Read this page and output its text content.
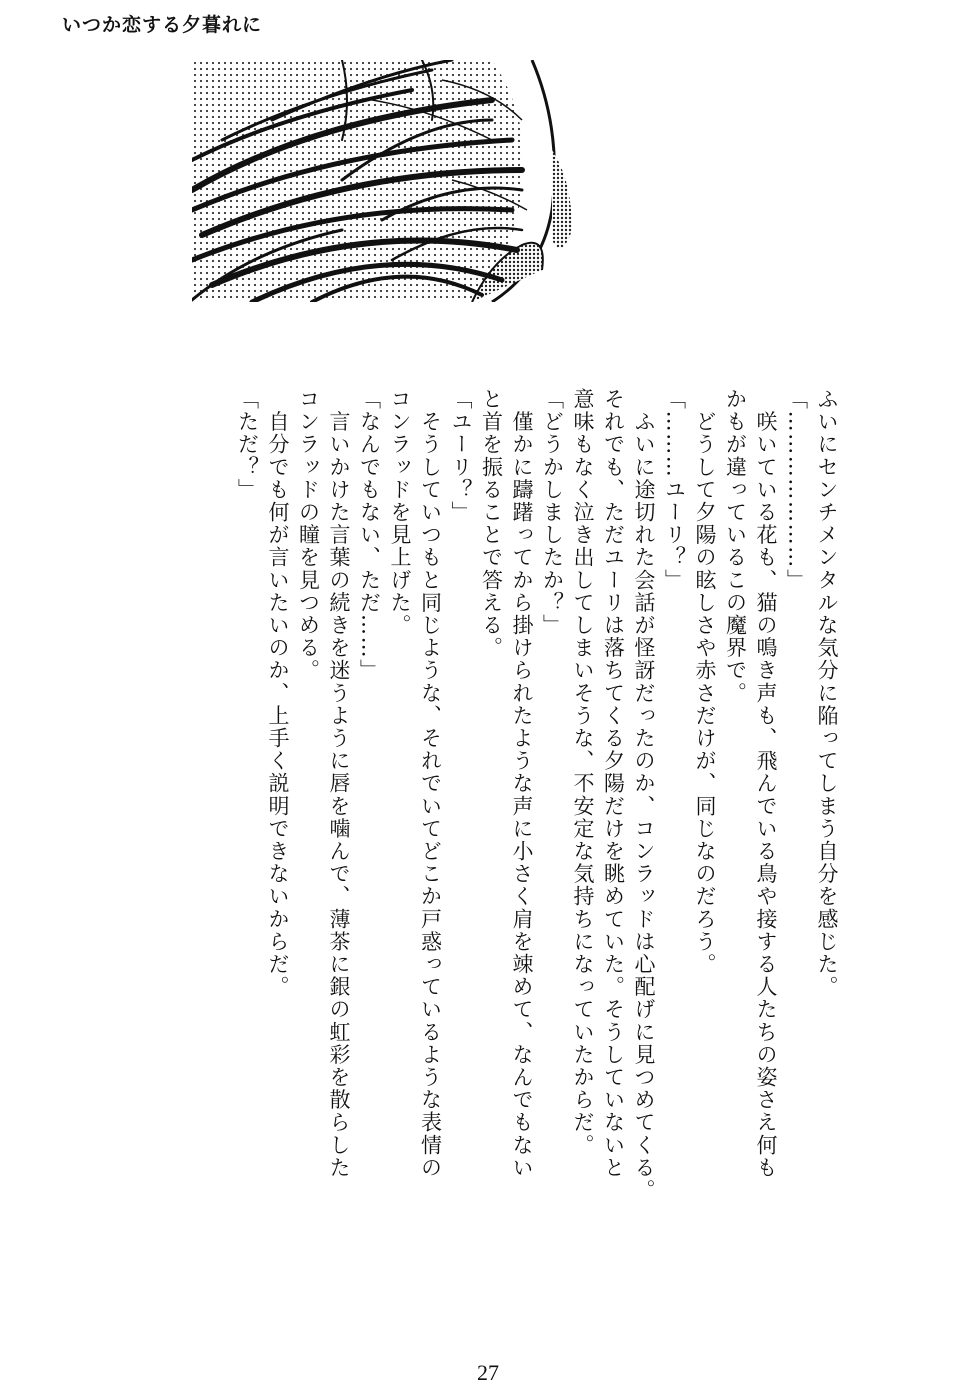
いつか恋する夕暮れに

ふいにセンチメンタルな気分に陥ってしまう自分を感じた。

「…………………」

　咲いている花も、猫の鳴き声も、飛んでいる鳥や接する人たちの姿さえ何も

かもが違っているこの魔界で。

　どうして夕陽の眩しさや赤さだけが、同じなのだろう。

「………ユーリ？」

　ふいに途切れた会話が怪訝だったのか、コンラッドは心配げに見つめてくる。

それでも、ただユーリは落ちてくる夕陽だけを眺めていた。そうしていないと

意味もなく泣き出してしまいそうな、不安定な気持ちになっていたからだ。

「どうかしましたか？」

　僅かに躊躇ってから掛けられたような声に小さく肩を竦めて、なんでもない

と首を振ることで答える。

「ユーリ？」

　そうしていつもと同じような、それでいてどこか戸惑っているような表情の

コンラッドを見上げた。

「なんでもない、ただ……」

　言いかけた言葉の続きを迷うように唇を噛んで、薄茶に銀の虹彩を散らした

コンラッドの瞳を見つめる。

　自分でも何が言いたいのか、上手く説明できないからだ。

「ただ？」

27
